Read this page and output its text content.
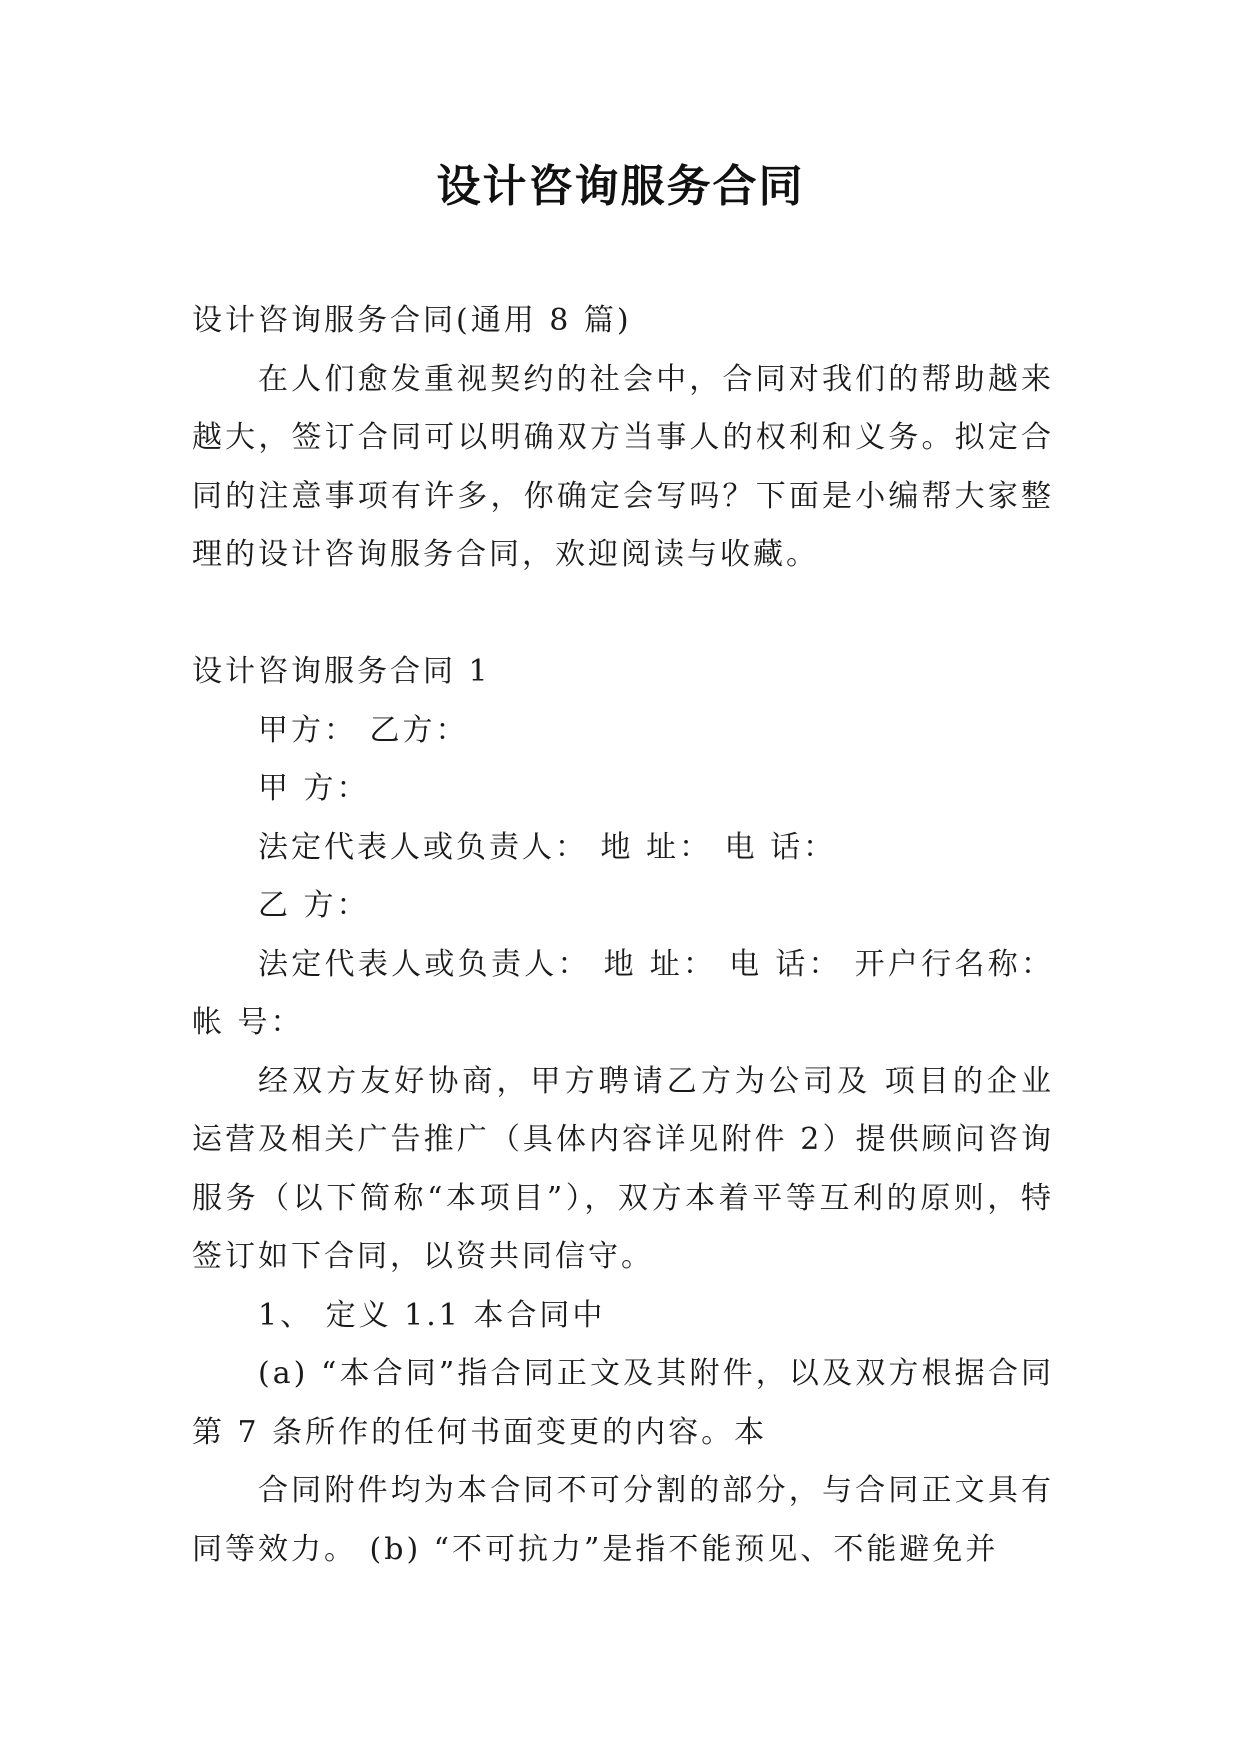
设计咨询服务合同

设计咨询服务合同(通用 8 篇)

在人们愈发重视契约的社会中，合同对我们的帮助越来越大，签订合同可以明确双方当事人的权利和义务。拟定合同的注意事项有许多，你确定会写吗？下面是小编帮大家整理的设计咨询服务合同，欢迎阅读与收藏。

设计咨询服务合同 1

甲方： 乙方：

甲 方：

法定代表人或负责人： 地 址： 电 话：

乙 方：

法定代表人或负责人： 地 址： 电 话： 开户行名称： 帐 号：

经双方友好协商，甲方聘请乙方为公司及 项目的企业运营及相关广告推广（具体内容详见附件 2）提供顾问咨询服务（以下简称“本项目”），双方本着平等互利的原则，特签订如下合同，以资共同信守。

1、 定义 1.1 本合同中

(a) “本合同”指合同正文及其附件，以及双方根据合同第 7 条所作的任何书面变更的内容。本

合同附件均为本合同不可分割的部分，与合同正文具有同等效力。 (b) “不可抗力”是指不能预见、不能避免并
